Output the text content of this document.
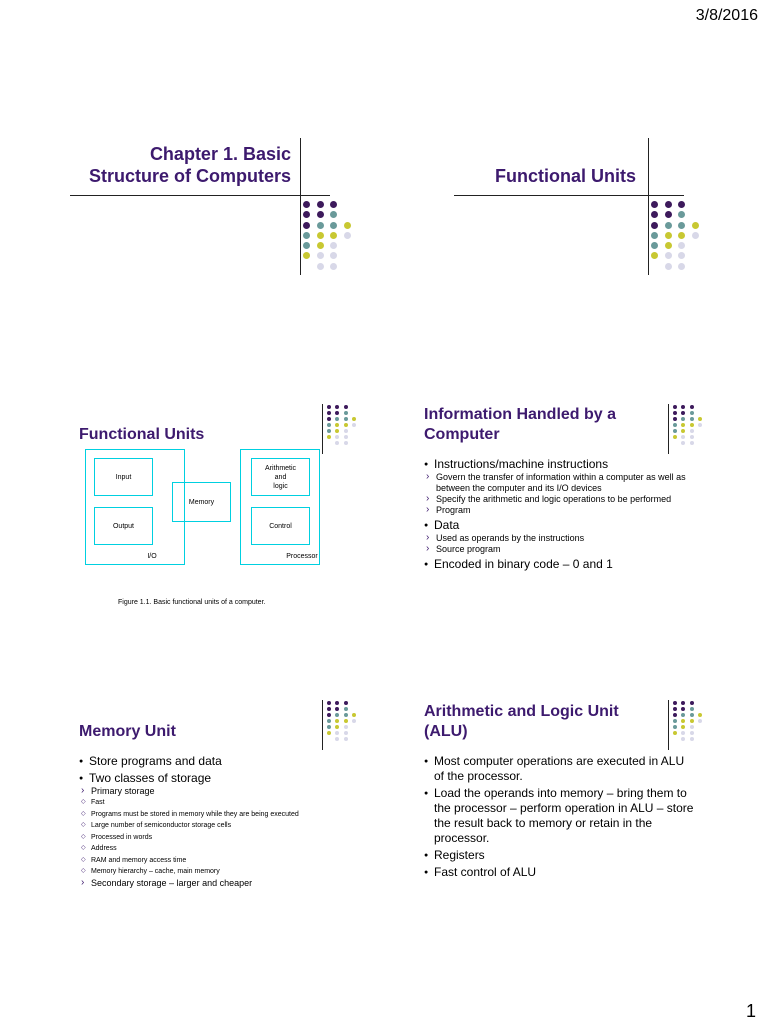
3/8/2016
Chapter 1. Basic
Structure of Computers	Functional Units
Functional Units
Input
Output
I/O
Memory
Arithmetic
and
logic
Control
Processor
Figure 1.1. Basic functional units of a computer.
Information Handled by a
Computer
● Instructions/machine instructions
› Govern the transfer of information within a computer as well as between the computer and its I/O devices
› Specify the arithmetic and logic operations to be performed
› Program
● Data
› Used as operands by the instructions
› Source program
● Encoded in binary code – 0 and 1
Memory Unit
● Store programs and data
● Two classes of storage
› Primary storage
◇ Fast
◇ Programs must be stored in memory while they are being executed
◇ Large number of semiconductor storage cells
◇ Processed in words
◇ Address
◇ RAM and memory access time
◇ Memory hierarchy – cache, main memory
› Secondary storage – larger and cheaper
Arithmetic and Logic Unit
(ALU)
● Most computer operations are executed in ALU of the processor.
● Load the operands into memory – bring them to the processor – perform operation in ALU – store the result back to memory or retain in the processor.
● Registers
● Fast control of ALU
1
